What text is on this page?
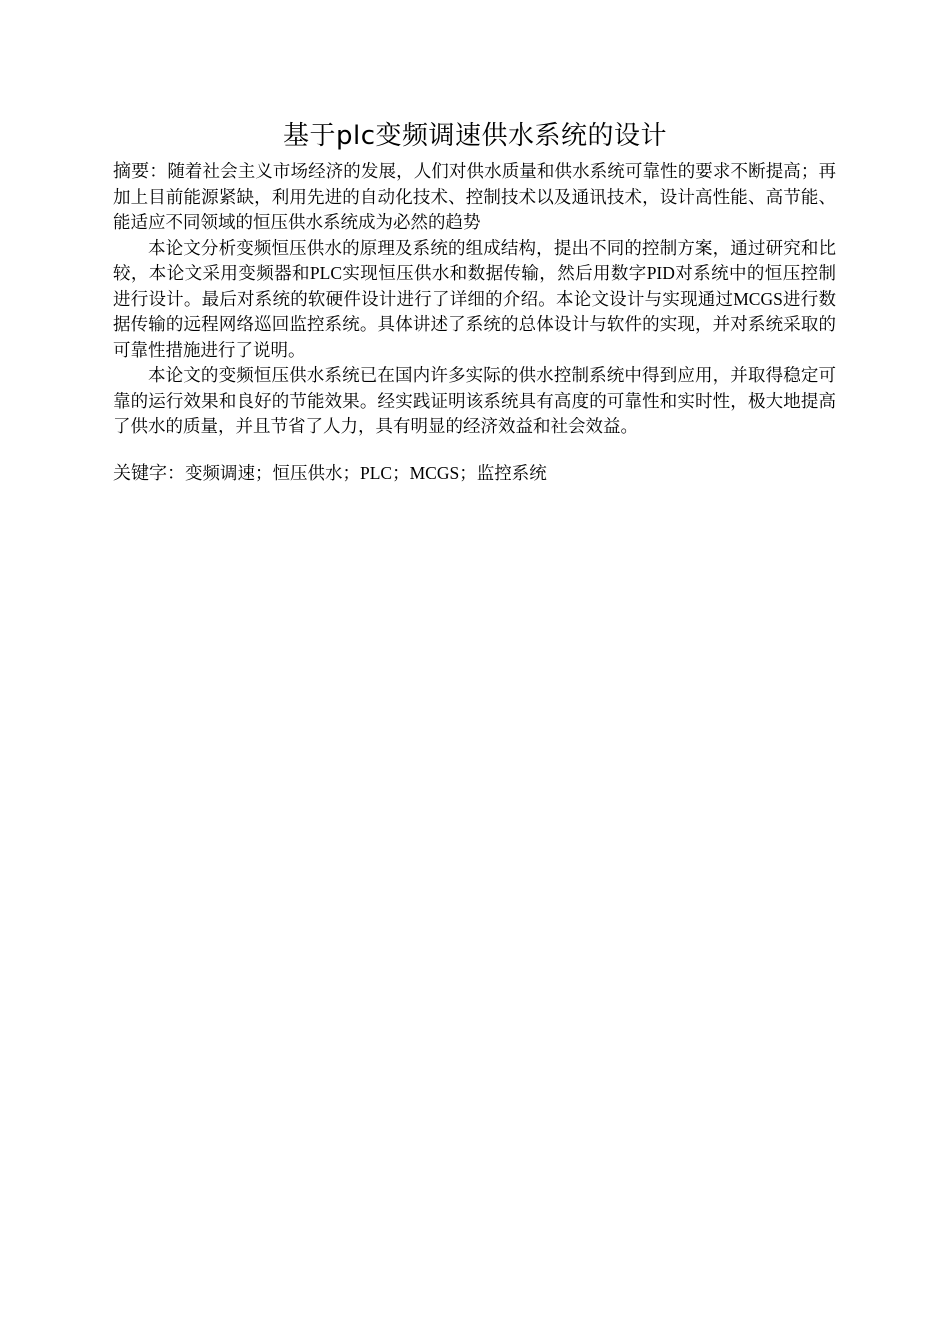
基于plc变频调速供水系统的设计

摘要：随着社会主义市场经济的发展，人们对供水质量和供水系统可靠性的要求不断提高；再加上目前能源紧缺，利用先进的自动化技术、控制技术以及通讯技术，设计高性能、高节能、能适应不同领域的恒压供水系统成为必然的趋势

本论文分析变频恒压供水的原理及系统的组成结构，提出不同的控制方案，通过研究和比较，本论文采用变频器和PLC实现恒压供水和数据传输，然后用数字PID对系统中的恒压控制进行设计。最后对系统的软硬件设计进行了详细的介绍。本论文设计与实现通过MCGS进行数据传输的远程网络巡回监控系统。具体讲述了系统的总体设计与软件的实现，并对系统采取的可靠性措施进行了说明。

本论文的变频恒压供水系统已在国内许多实际的供水控制系统中得到应用，并取得稳定可靠的运行效果和良好的节能效果。经实践证明该系统具有高度的可靠性和实时性，极大地提高了供水的质量，并且节省了人力，具有明显的经济效益和社会效益。

关键字：变频调速；恒压供水；PLC；MCGS；监控系统
